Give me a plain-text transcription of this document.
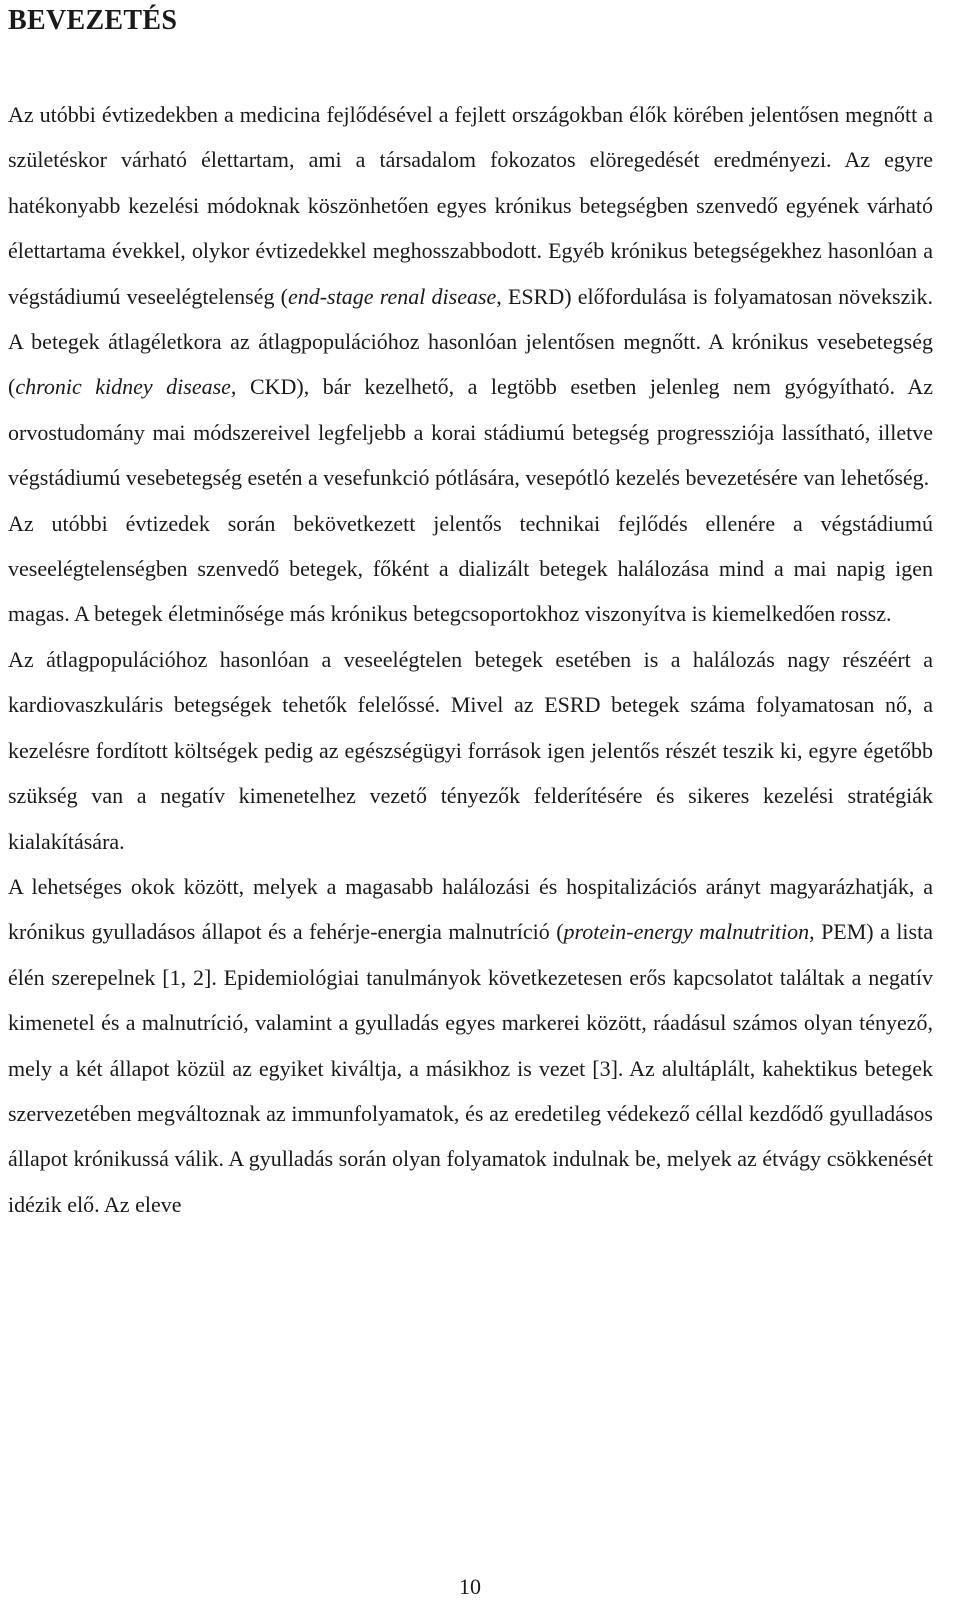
BEVEZETÉS

Az utóbbi évtizedekben a medicina fejlődésével a fejlett országokban élők körében jelentősen megnőtt a születéskor várható élettartam, ami a társadalom fokozatos elöregedését eredményezi. Az egyre hatékonyabb kezelési módoknak köszönhetően egyes krónikus betegségben szenvedő egyének várható élettartama évekkel, olykor évtizedekkel meghosszabbodott. Egyéb krónikus betegségekhez hasonlóan a végstádiumú veseelégtelenség (end-stage renal disease, ESRD) előfordulása is folyamatosan növekszik. A betegek átlagéletkora az átlagpopulációhoz hasonlóan jelentősen megnőtt. A krónikus vesebetegség (chronic kidney disease, CKD), bár kezelhető, a legtöbb esetben jelenleg nem gyógyítható. Az orvostudomány mai módszereivel legfeljebb a korai stádiumú betegség progressziója lassítható, illetve végstádiumú vesebetegség esetén a vesefunkció pótlására, vesepótló kezelés bevezetésére van lehetőség.

Az utóbbi évtizedek során bekövetkezett jelentős technikai fejlődés ellenére a végstádiumú veseelégtelenségben szenvedő betegek, főként a dializált betegek halálozása mind a mai napig igen magas. A betegek életminősége más krónikus betegcsoportokhoz viszonyítva is kiemelkedően rossz.

Az átlagpopulációhoz hasonlóan a veseelégtelen betegek esetében is a halálozás nagy részéért a kardiovaszkuláris betegségek tehetők felelőssé. Mivel az ESRD betegek száma folyamatosan nő, a kezelésre fordított költségek pedig az egészségügyi források igen jelentős részét teszik ki, egyre égetőbb szükség van a negatív kimenetelhez vezető tényezők felderítésére és sikeres kezelési stratégiák kialakítására.

A lehetséges okok között, melyek a magasabb halálozási és hospitalizációs arányt magyarázhatják, a krónikus gyulladásos állapot és a fehérje-energia malnutríció (protein-energy malnutrition, PEM) a lista élén szerepelnek [1, 2]. Epidemiológiai tanulmányok következetesen erős kapcsolatot találtak a negatív kimenetel és a malnutríció, valamint a gyulladás egyes markerei között, ráadásul számos olyan tényező, mely a két állapot közül az egyiket kiváltja, a másikhoz is vezet [3]. Az alultáplált, kahektikus betegek szervezetében megváltoznak az immunfolyamatok, és az eredetileg védekező céllal kezdődő gyulladásos állapot krónikussá válik. A gyulladás során olyan folyamatok indulnak be, melyek az étvágy csökkenését idézik elő. Az eleve

10
